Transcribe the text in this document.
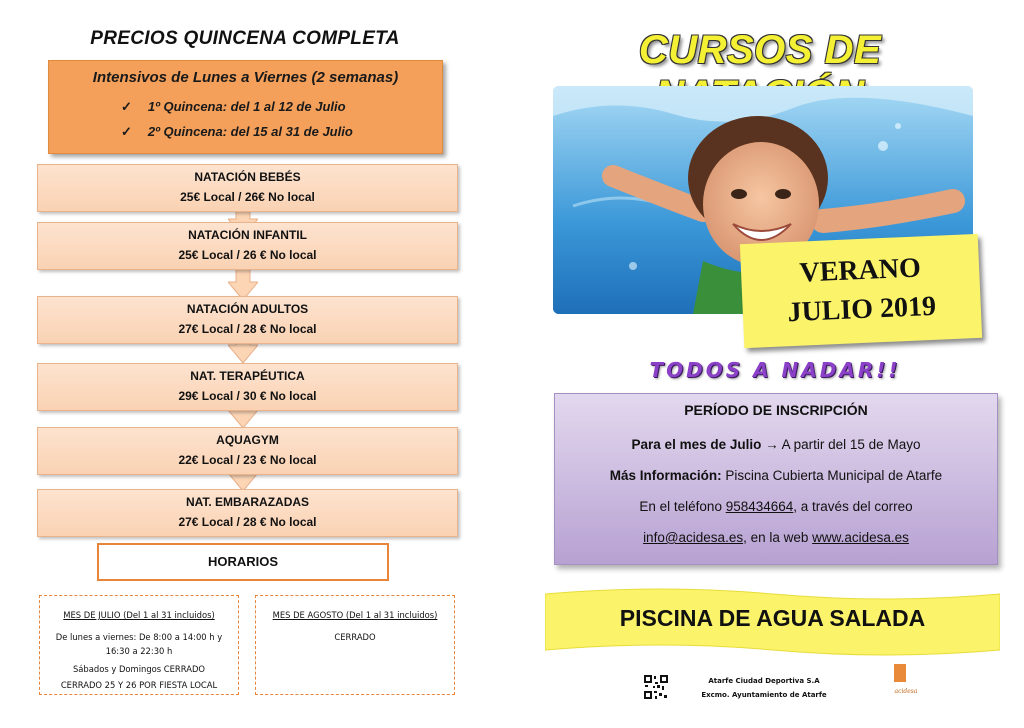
PRECIOS QUINCENA COMPLETA
Intensivos de Lunes a Viernes (2 semanas)
✓ 1º Quincena: del 1 al 12 de Julio
✓ 2º Quincena: del 15 al 31 de Julio
NATACIÓN BEBÉS
25€ Local / 26€ No local
NATACIÓN INFANTIL
25€ Local / 26 € No local
NATACIÓN ADULTOS
27€ Local / 28 € No local
NAT. TERAPÉUTICA
29€ Local / 30 € No local
AQUAGYM
22€ Local / 23 € No local
NAT. EMBARAZADAS
27€ Local / 28 € No local
HORARIOS
MES DE JULIO (Del 1 al 31 incluidos)
De lunes a viernes: De 8:00 a 14:00 h y
16:30 a 22:30 h
Sábados y Domingos CERRADO
CERRADO 25 Y 26 POR FIESTA LOCAL
MES DE AGOSTO (Del 1 al 31 incluidos)
CERRADO
CURSOS DE
VERANO
JULIO 2019
TODOS A NADAR!!
PERÍODO DE INSCRIPCIÓN
Para el mes de Julio → A partir del 15 de Mayo
Más Información: Piscina Cubierta Municipal de Atarfe
En el teléfono 958434664, a través del correo
info@acidesa.es, en la web www.acidesa.es
PISCINA DE AGUA SALADA
Atarfe Ciudad Deportiva S.A
Excmo. Ayuntamiento de Atarfe	acidesa
